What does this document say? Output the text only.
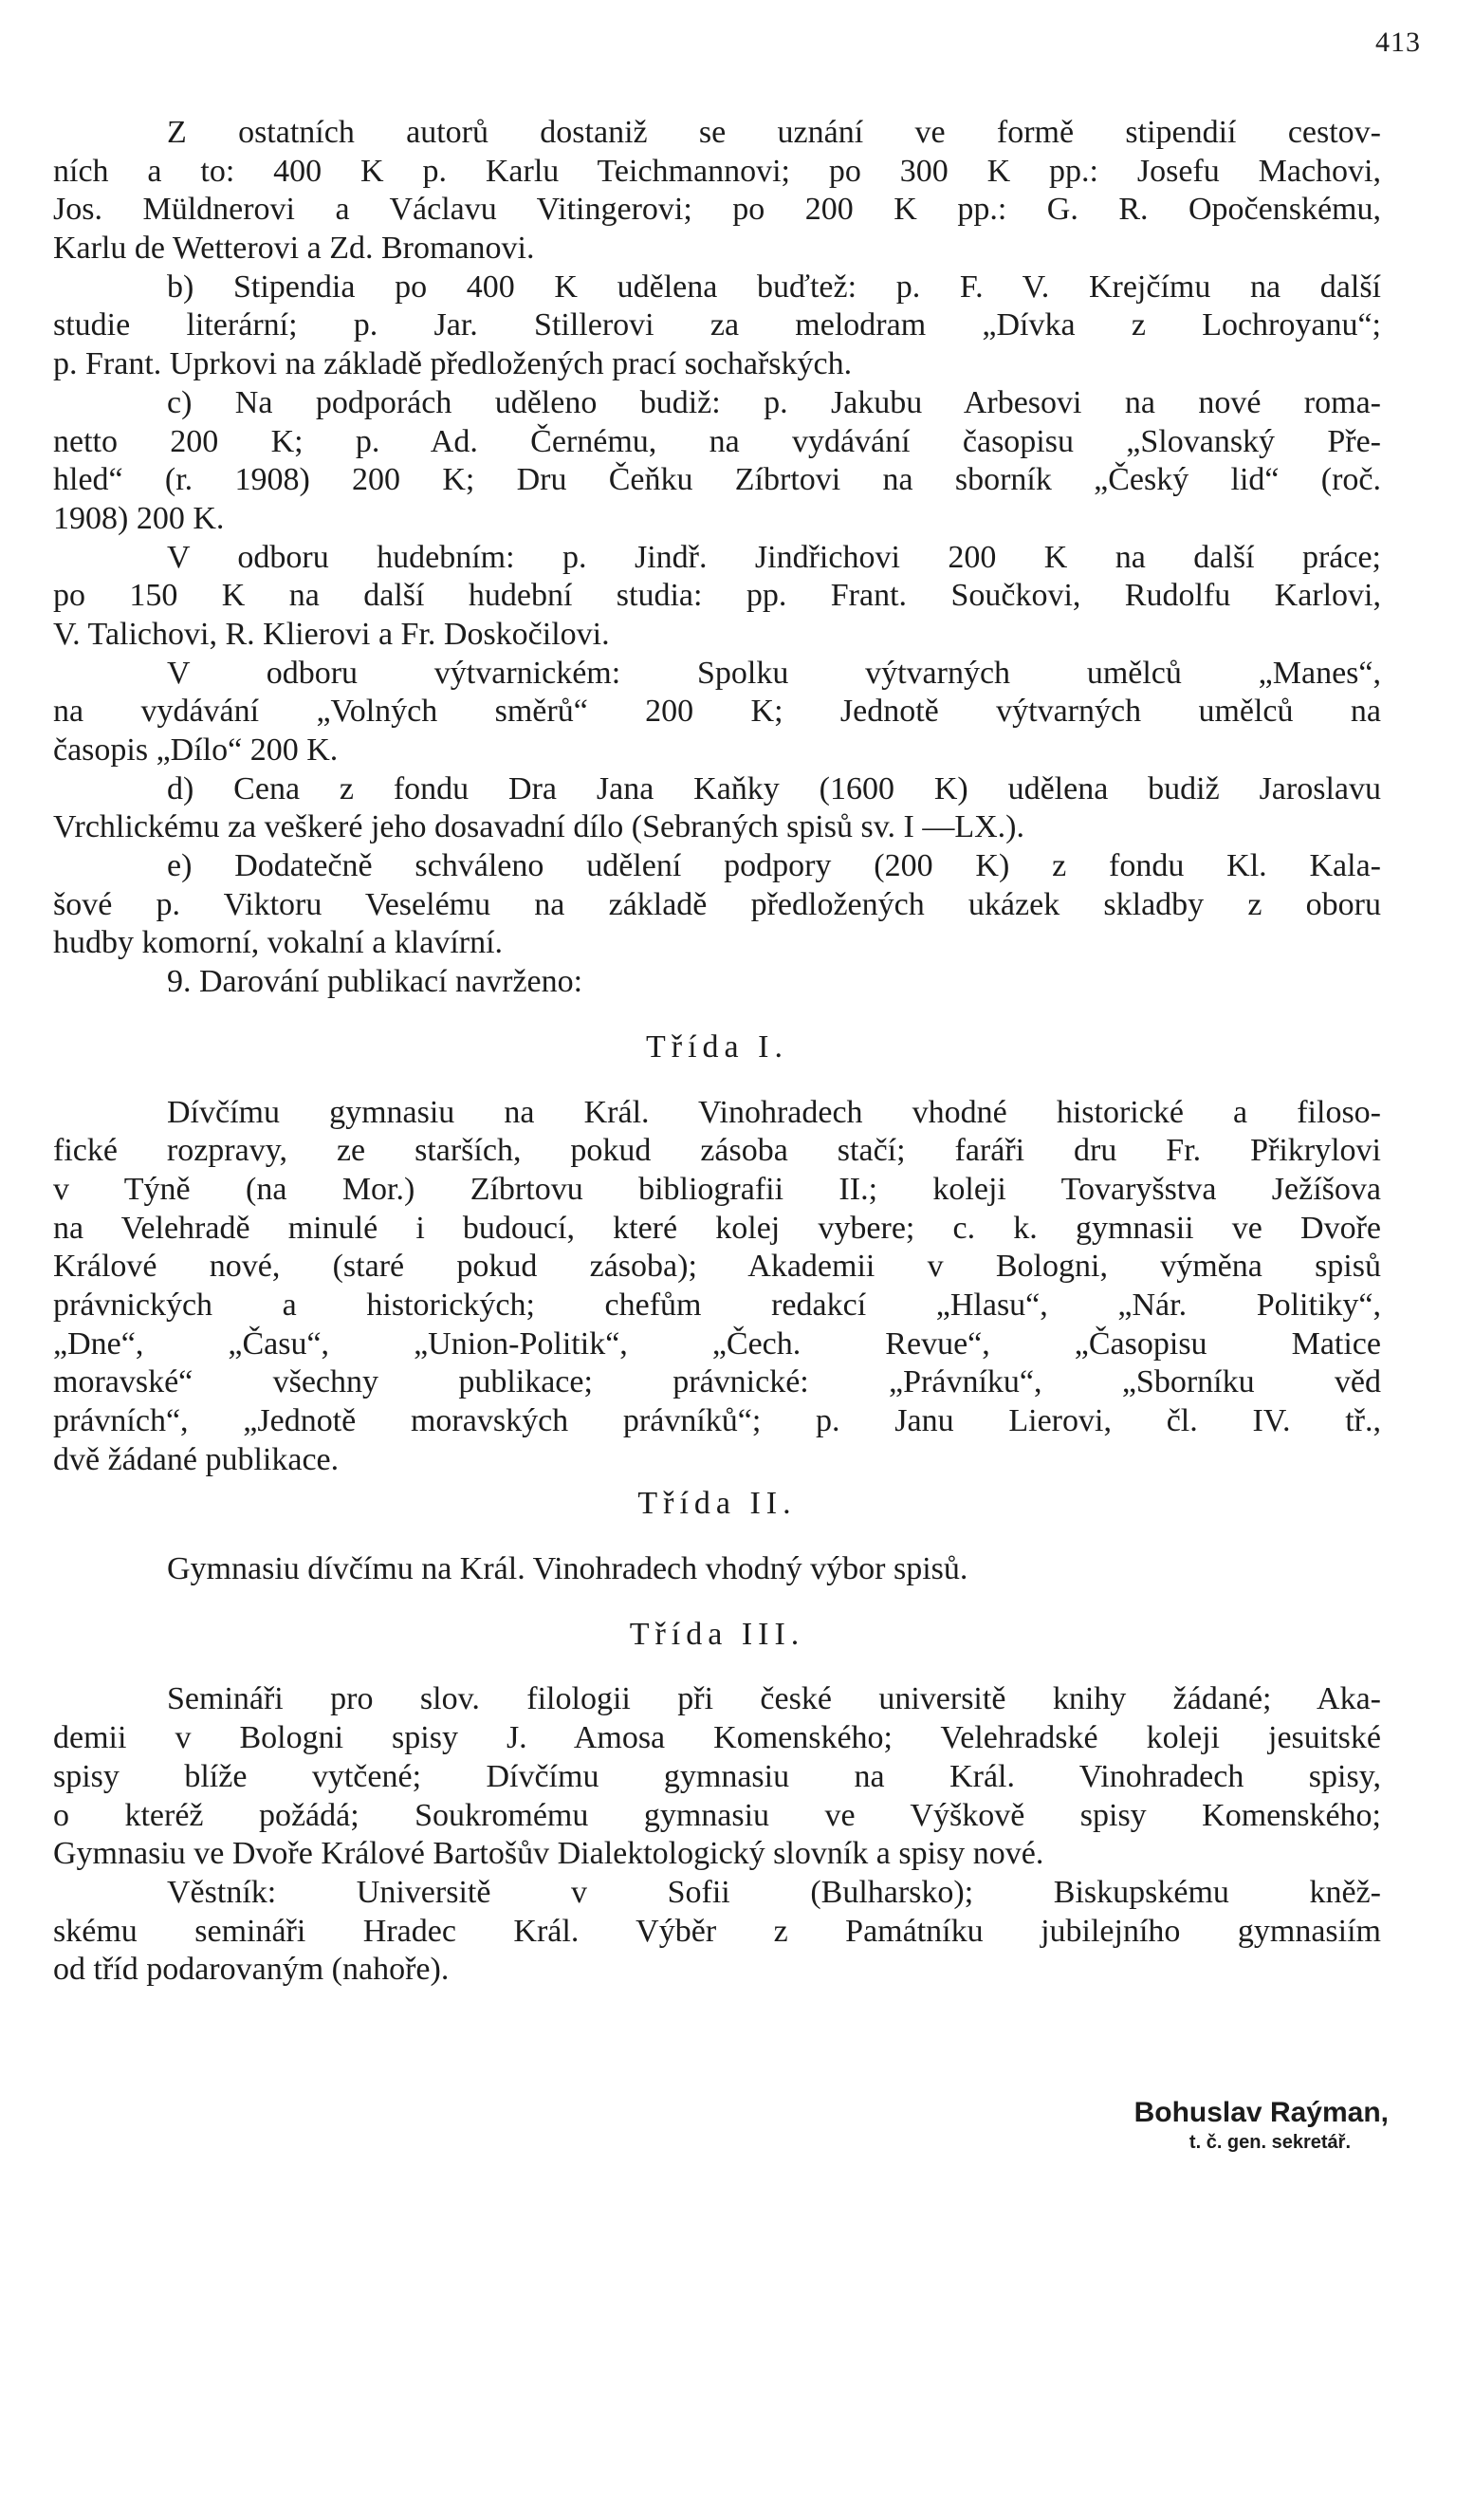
413
Z ostatních autorů dostaniž se uznání ve formě stipendií cestov-
ních a to: 400 K p. Karlu Teichmannovi; po 300 K pp.: Josefu Machovi,
Jos. Müldnerovi a Václavu Vitingerovi; po 200 K pp.: G. R. Opočenskému,
Karlu de Wetterovi a Zd. Bromanovi.
b) Stipendia po 400 K udělena buďtež: p. F. V. Krejčímu na další
studie literární; p. Jar. Stillerovi za melodram „Dívka z Lochroyanu“;
p. Frant. Uprkovi na základě předložených prací sochařských.
c) Na podporách uděleno budiž: p. Jakubu Arbesovi na nové roma-
netto 200 K; p. Ad. Černému, na vydávání časopisu „Slovanský Pře-
hled“ (r. 1908) 200 K; Dru Čeňku Zíbrtovi na sborník „Český lid“ (roč.
1908) 200 K.
V odboru hudebním: p. Jindř. Jindřichovi 200 K na další práce;
po 150 K na další hudební studia: pp. Frant. Součkovi, Rudolfu Karlovi,
V. Talichovi, R. Klierovi a Fr. Doskočilovi.
V odboru výtvarnickém: Spolku výtvarných umělců „Manes“,
na vydávání „Volných směrů“ 200 K; Jednotě výtvarných umělců na
časopis „Dílo“ 200 K.
d) Cena z fondu Dra Jana Kaňky (1600 K) udělena budiž Jaroslavu
Vrchlickému za veškeré jeho dosavadní dílo (Sebraných spisů sv. I —LX.).
e) Dodatečně schváleno udělení podpory (200 K) z fondu Kl. Kala-
šové p. Viktoru Veselému na základě předložených ukázek skladby z oboru
hudby komorní, vokalní a klavírní.
9. Darování publikací navrženo:
Třída I.
Dívčímu gymnasiu na Král. Vinohradech vhodné historické a filoso-
fické rozpravy, ze starších, pokud zásoba stačí; faráři dru Fr. Přikrylovi
v Týně (na Mor.) Zíbrtovu bibliografii II.; koleji Tovaryšstva Ježíšova
na Velehradě minulé i budoucí, které kolej vybere; c. k. gymnasii ve Dvoře
Králové nové, (staré pokud zásoba); Akademii v Bologni, výměna spisů
právnických a historických; chefům redakcí „Hlasu“, „Nár. Politiky“,
„Dne“, „Času“, „Union-Politik“, „Čech. Revue“, „Časopisu Matice
moravské“ všechny publikace; právnické: „Právníku“, „Sborníku věd
právních“, „Jednotě moravských právníků“; p. Janu Lierovi, čl. IV. tř.,
dvě žádané publikace.
Třída II.
Gymnasiu dívčímu na Král. Vinohradech vhodný výbor spisů.
Třída III.
Semináři pro slov. filologii při české universitě knihy žádané; Aka-
demii v Bologni spisy J. Amosa Komenského; Velehradské koleji jesuitské
spisy blíže vytčené; Dívčímu gymnasiu na Král. Vinohradech spisy,
o kteréž požádá; Soukromému gymnasiu ve Výškově spisy Komenského;
Gymnasiu ve Dvoře Králové Bartošův Dialektologický slovník a spisy nové.
Věstník: Universitě v Sofii (Bulharsko); Biskupskému kněž-
skému semináři Hradec Král. Výběr z Památníku jubilejního gymnasiím
od tříd podarovaným (nahoře).
Bohuslav Raýman,
t. č. gen. sekretář.
